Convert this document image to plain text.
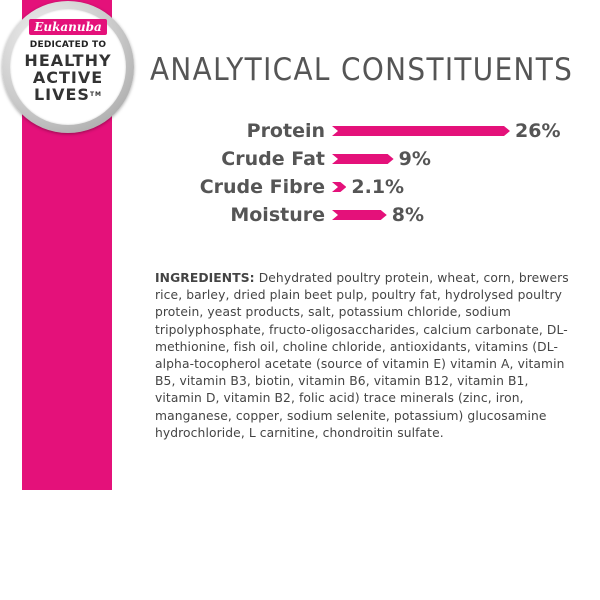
Eukanuba
DEDICATED TO
HEALTHY
ACTIVE
LIVES™
ANALYTICAL CONSTITUENTS
Protein	26%
Crude Fat	9%
Crude Fibre 2.1%
Moisture	8%
INGREDIENTS: Dehydrated poultry protein, wheat, corn, brewers rice, barley, dried plain beet pulp, poultry fat, hydrolysed poultry protein, yeast products, salt, potassium chloride, sodium tripolyphosphate, fructo-oligosaccharides, calcium carbonate, DL-methionine, fish oil, choline chloride, antioxidants, vitamins (DL-alpha-tocopherol acetate (source of vitamin E) vitamin A, vitamin B5, vitamin B3, biotin, vitamin B6, vitamin B12, vitamin B1, vitamin D, vitamin B2, folic acid) trace minerals (zinc, iron, manganese, copper, sodium selenite, potassium) glucosamine hydrochloride, L carnitine, chondroitin sulfate.
